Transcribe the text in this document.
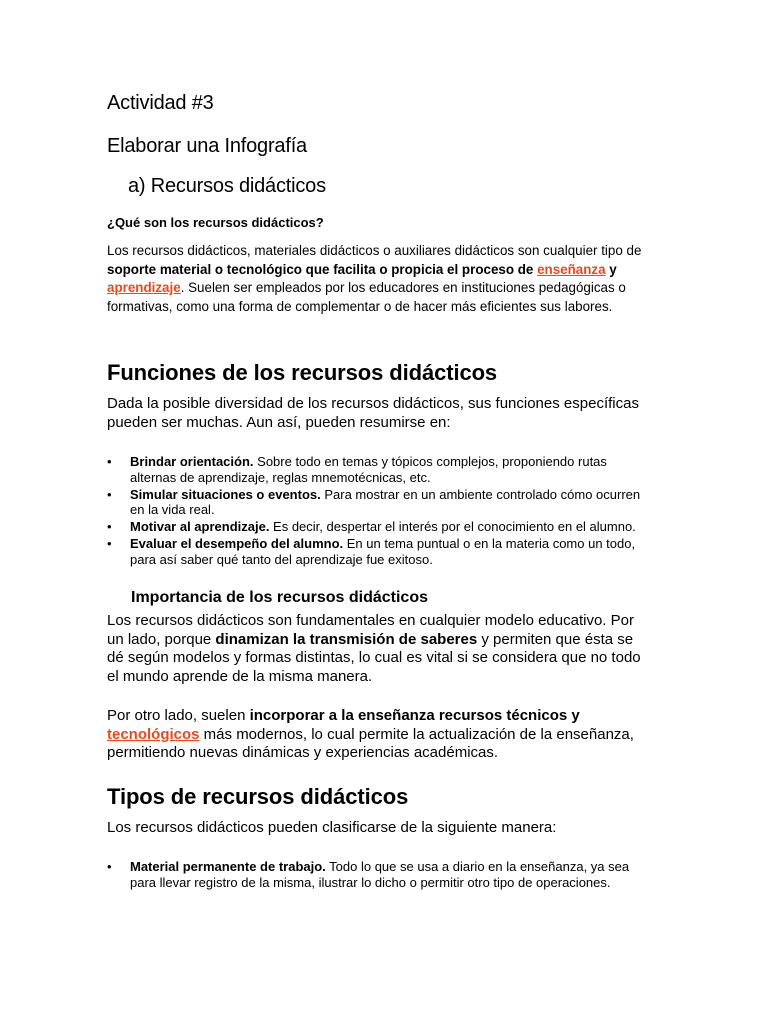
Actividad #3
Elaborar una Infografía
a) Recursos didácticos

¿Qué son los recursos didácticos?

Los recursos didácticos, materiales didácticos o auxiliares didácticos son cualquier tipo de soporte material o tecnológico que facilita o propicia el proceso de enseñanza y aprendizaje. Suelen ser empleados por los educadores en instituciones pedagógicas o formativas, como una forma de complementar o de hacer más eficientes sus labores.

Funciones de los recursos didácticos

Dada la posible diversidad de los recursos didácticos, sus funciones específicas pueden ser muchas. Aun así, pueden resumirse en:

• Brindar orientación. Sobre todo en temas y tópicos complejos, proponiendo rutas alternas de aprendizaje, reglas mnemotécnicas, etc.
• Simular situaciones o eventos. Para mostrar en un ambiente controlado cómo ocurren en la vida real.
• Motivar al aprendizaje. Es decir, despertar el interés por el conocimiento en el alumno.
• Evaluar el desempeño del alumno. En un tema puntual o en la materia como un todo, para así saber qué tanto del aprendizaje fue exitoso.
Importancia de los recursos didácticos

Los recursos didácticos son fundamentales en cualquier modelo educativo. Por un lado, porque dinamizan la transmisión de saberes y permiten que ésta se dé según modelos y formas distintas, lo cual es vital si se considera que no todo el mundo aprende de la misma manera.

Por otro lado, suelen incorporar a la enseñanza recursos técnicos y tecnológicos más modernos, lo cual permite la actualización de la enseñanza, permitiendo nuevas dinámicas y experiencias académicas.

Tipos de recursos didácticos

Los recursos didácticos pueden clasificarse de la siguiente manera:

• Material permanente de trabajo. Todo lo que se usa a diario en la enseñanza, ya sea para llevar registro de la misma, ilustrar lo dicho o permitir otro tipo de operaciones.
